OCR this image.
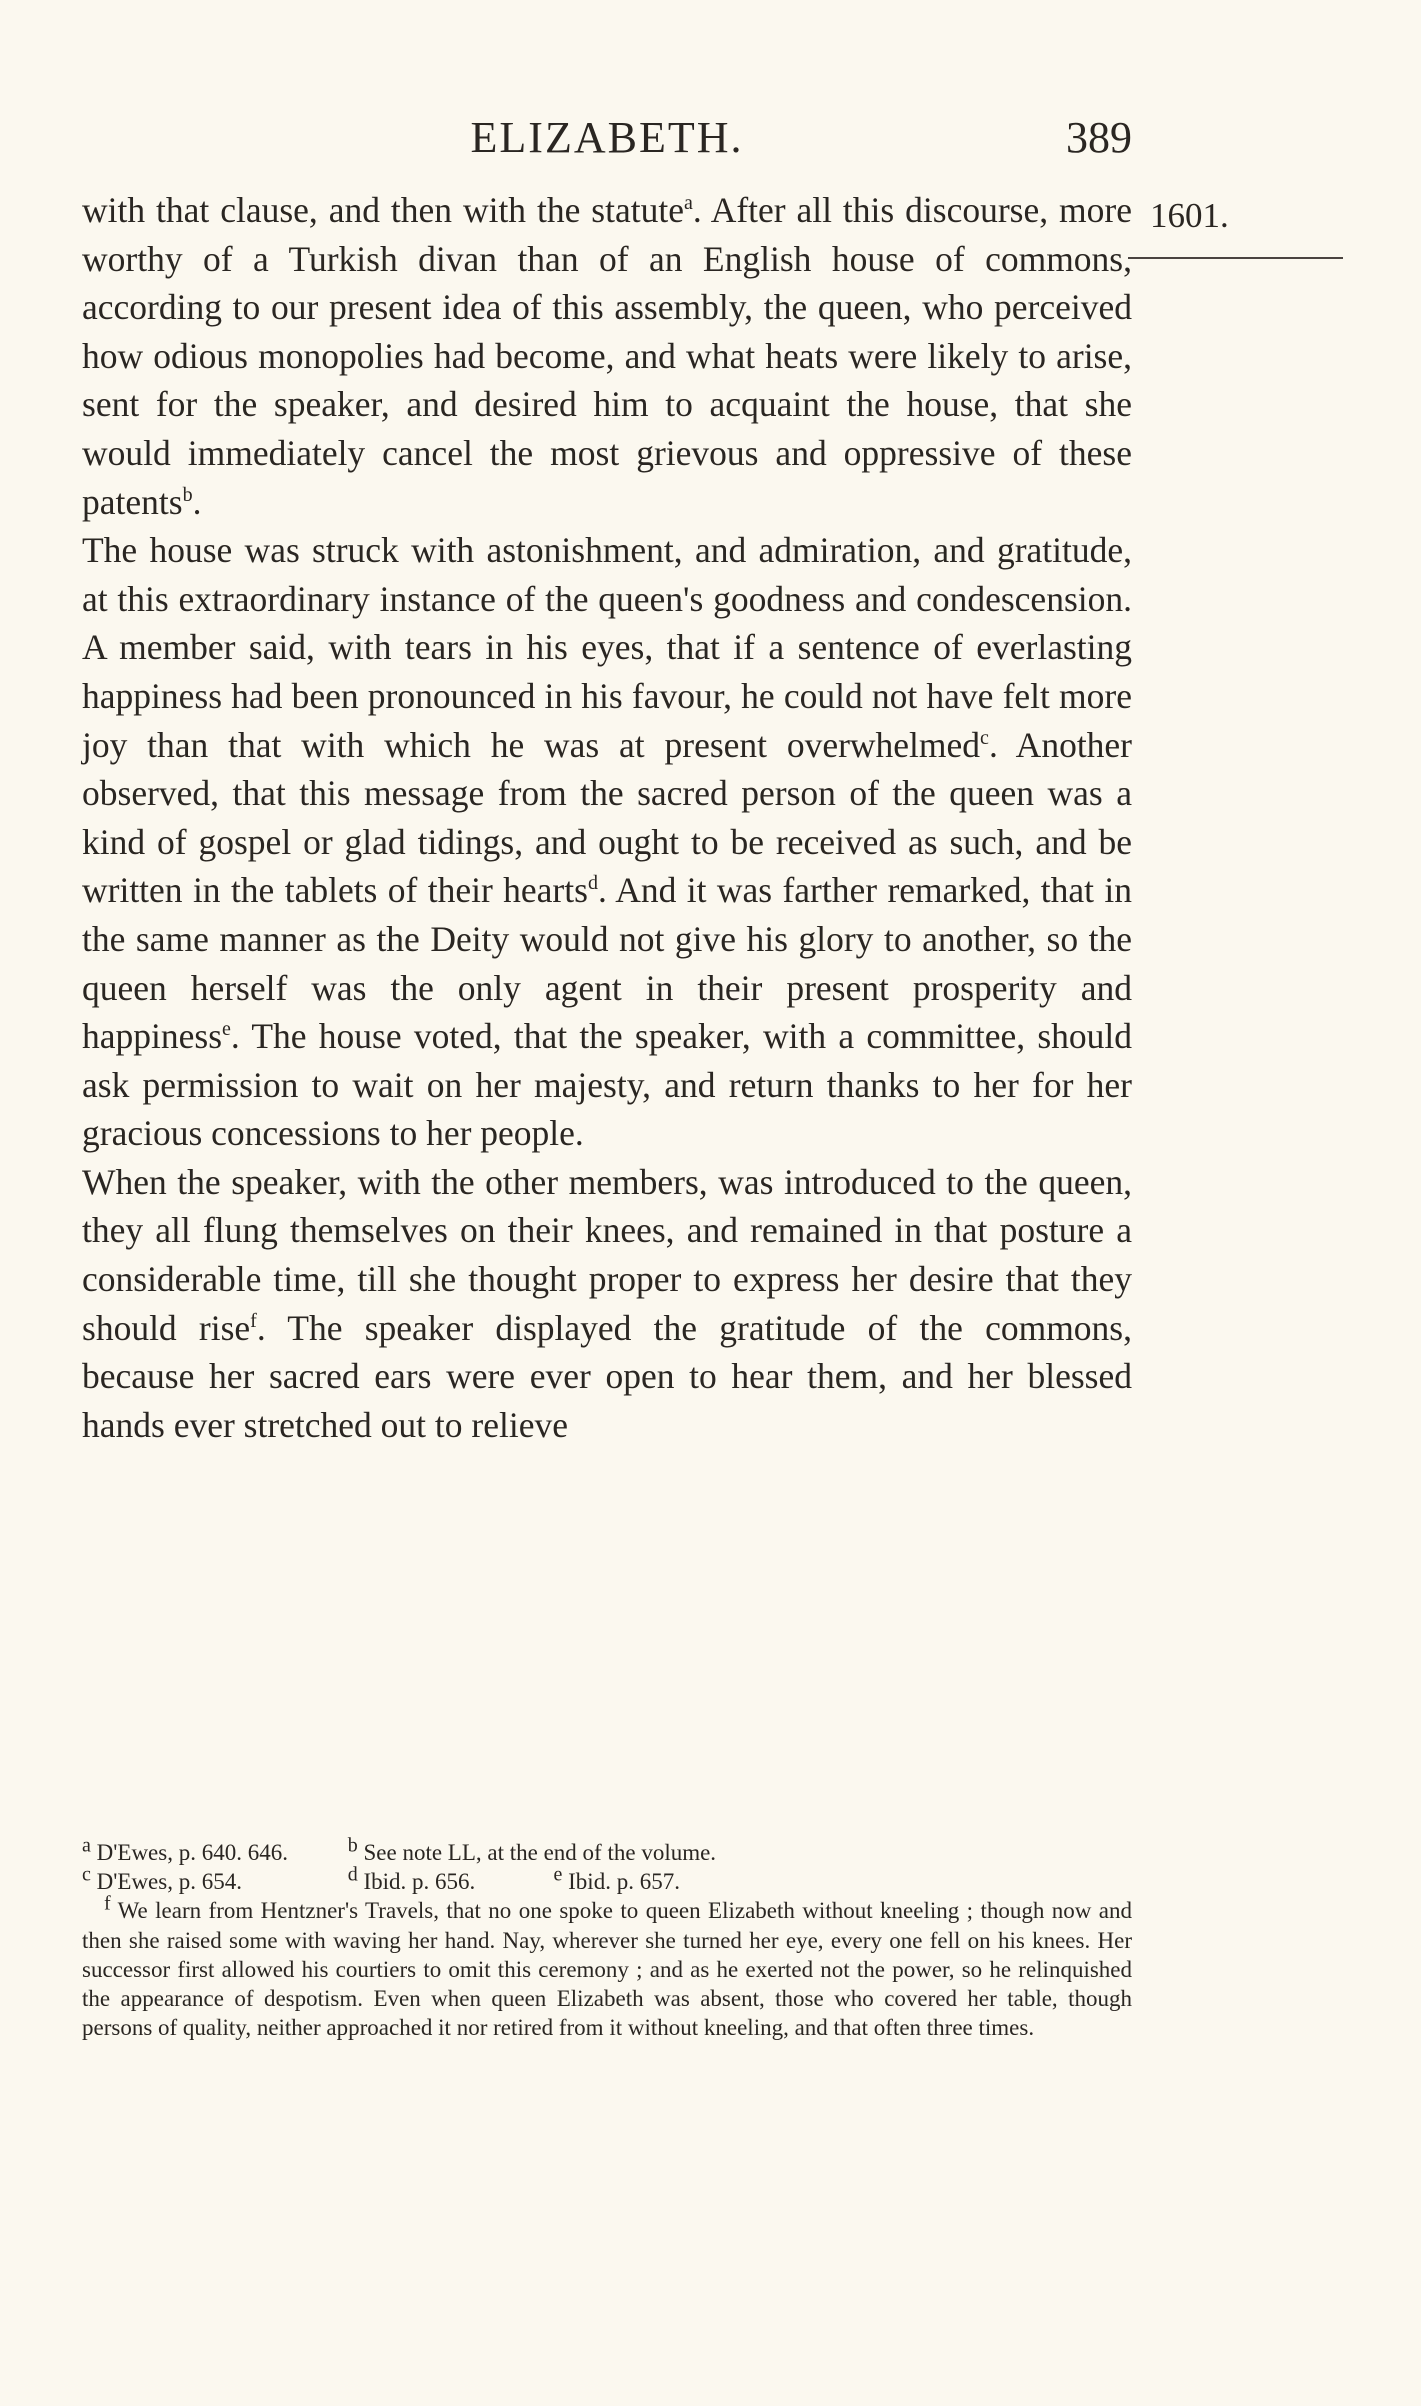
ELIZABETH.	389
1601.

with that clause, and then with the statute$^a$. After all this discourse, more worthy of a Turkish divan than of an English house of commons, according to our present idea of this assembly, the queen, who perceived how odious monopolies had become, and what heats were likely to arise, sent for the speaker, and desired him to acquaint the house, that she would immediately cancel the most grievous and oppressive of these patents$^b$.

The house was struck with astonishment, and admiration, and gratitude, at this extraordinary instance of the queen's goodness and condescension. A member said, with tears in his eyes, that if a sentence of everlasting happiness had been pronounced in his favour, he could not have felt more joy than that with which he was at present overwhelmed$^c$. Another observed, that this message from the sacred person of the queen was a kind of gospel or glad tidings, and ought to be received as such, and be written in the tablets of their hearts$^d$. And it was farther remarked, that in the same manner as the Deity would not give his glory to another, so the queen herself was the only agent in their present prosperity and happiness$^e$. The house voted, that the speaker, with a committee, should ask permission to wait on her majesty, and return thanks to her for her gracious concessions to her people.

When the speaker, with the other members, was introduced to the queen, they all flung themselves on their knees, and remained in that posture a considerable time, till she thought proper to express her desire that they should rise$^f$. The speaker displayed the gratitude of the commons, because her sacred ears were ever open to hear them, and her blessed hands ever stretched out to relieve

$^a$ D'Ewes, p. 640. 646.	$^b$ See note LL, at the end of the volume.
$^c$ D'Ewes, p. 654.	$^d$ Ibid. p. 656.	$^e$ Ibid. p. 657.
$^f$ We learn from Hentzner's Travels, that no one spoke to queen Elizabeth without kneeling ; though now and then she raised some with waving her hand. Nay, wherever she turned her eye, every one fell on his knees. Her successor first allowed his courtiers to omit this ceremony ; and as he exerted not the power, so he relinquished the appearance of despotism. Even when queen Elizabeth was absent, those who covered her table, though persons of quality, neither approached it nor retired from it without kneeling, and that often three times.
